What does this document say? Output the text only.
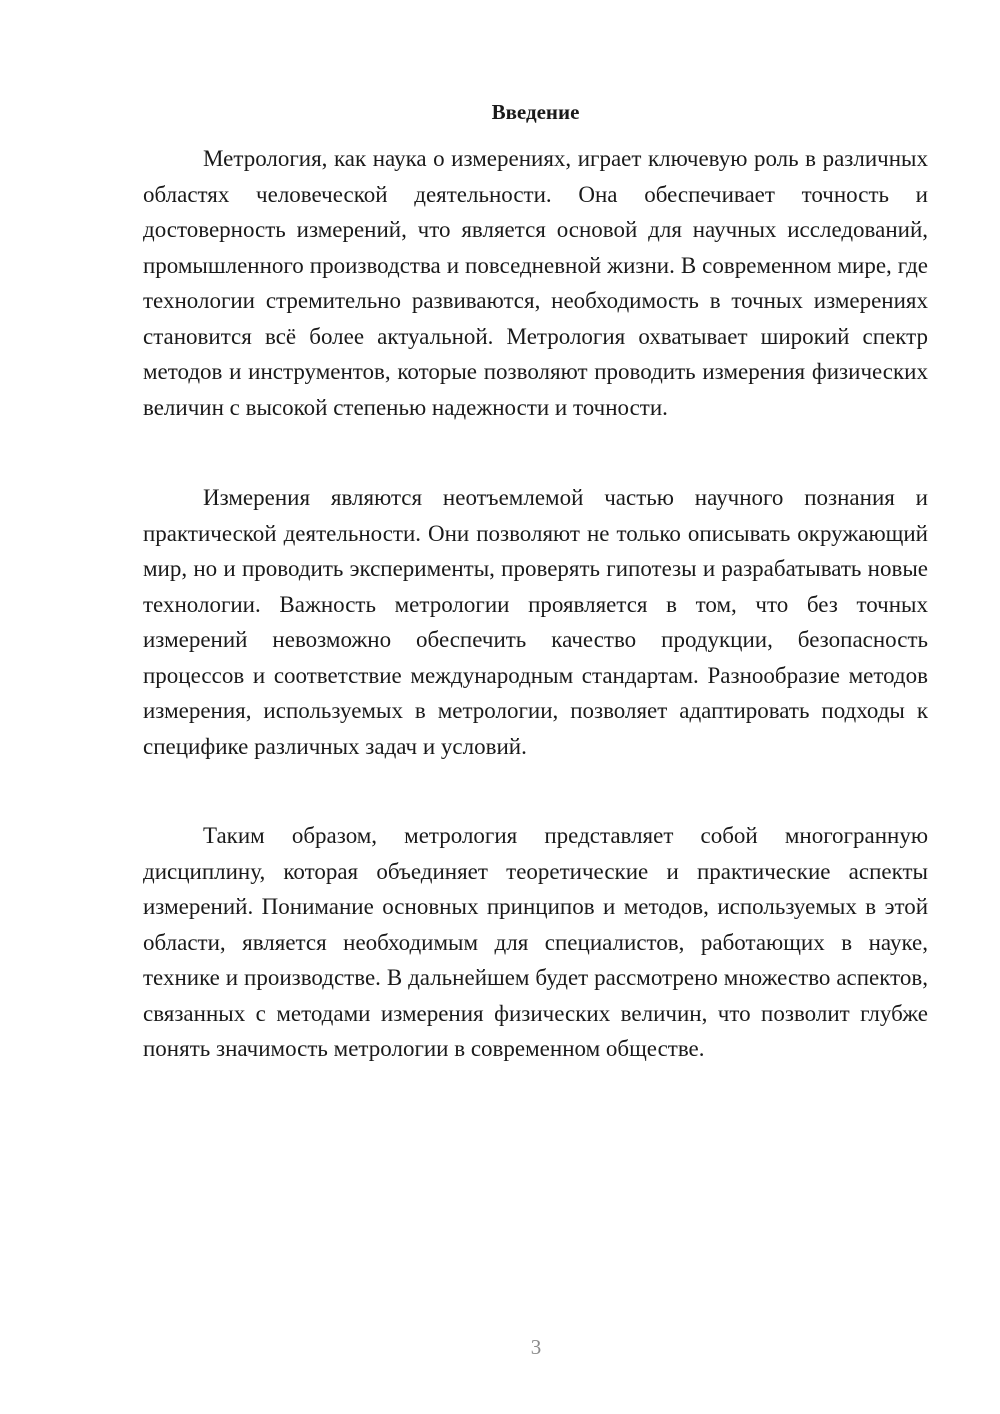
Введение

Метрология, как наука о измерениях, играет ключевую роль в различных областях человеческой деятельности. Она обеспечивает точность и достоверность измерений, что является основой для научных исследований, промышленного производства и повседневной жизни. В современном мире, где технологии стремительно развиваются, необходимость в точных измерениях становится всё более актуальной. Метрология охватывает широкий спектр методов и инструментов, которые позволяют проводить измерения физических величин с высокой степенью надежности и точности.

Измерения являются неотъемлемой частью научного познания и практической деятельности. Они позволяют не только описывать окружающий мир, но и проводить эксперименты, проверять гипотезы и разрабатывать новые технологии. Важность метрологии проявляется в том, что без точных измерений невозможно обеспечить качество продукции, безопасность процессов и соответствие международным стандартам. Разнообразие методов измерения, используемых в метрологии, позволяет адаптировать подходы к специфике различных задач и условий.

Таким образом, метрология представляет собой многогранную дисциплину, которая объединяет теоретические и практические аспекты измерений. Понимание основных принципов и методов, используемых в этой области, является необходимым для специалистов, работающих в науке, технике и производстве. В дальнейшем будет рассмотрено множество аспектов, связанных с методами измерения физических величин, что позволит глубже понять значимость метрологии в современном обществе.

3
